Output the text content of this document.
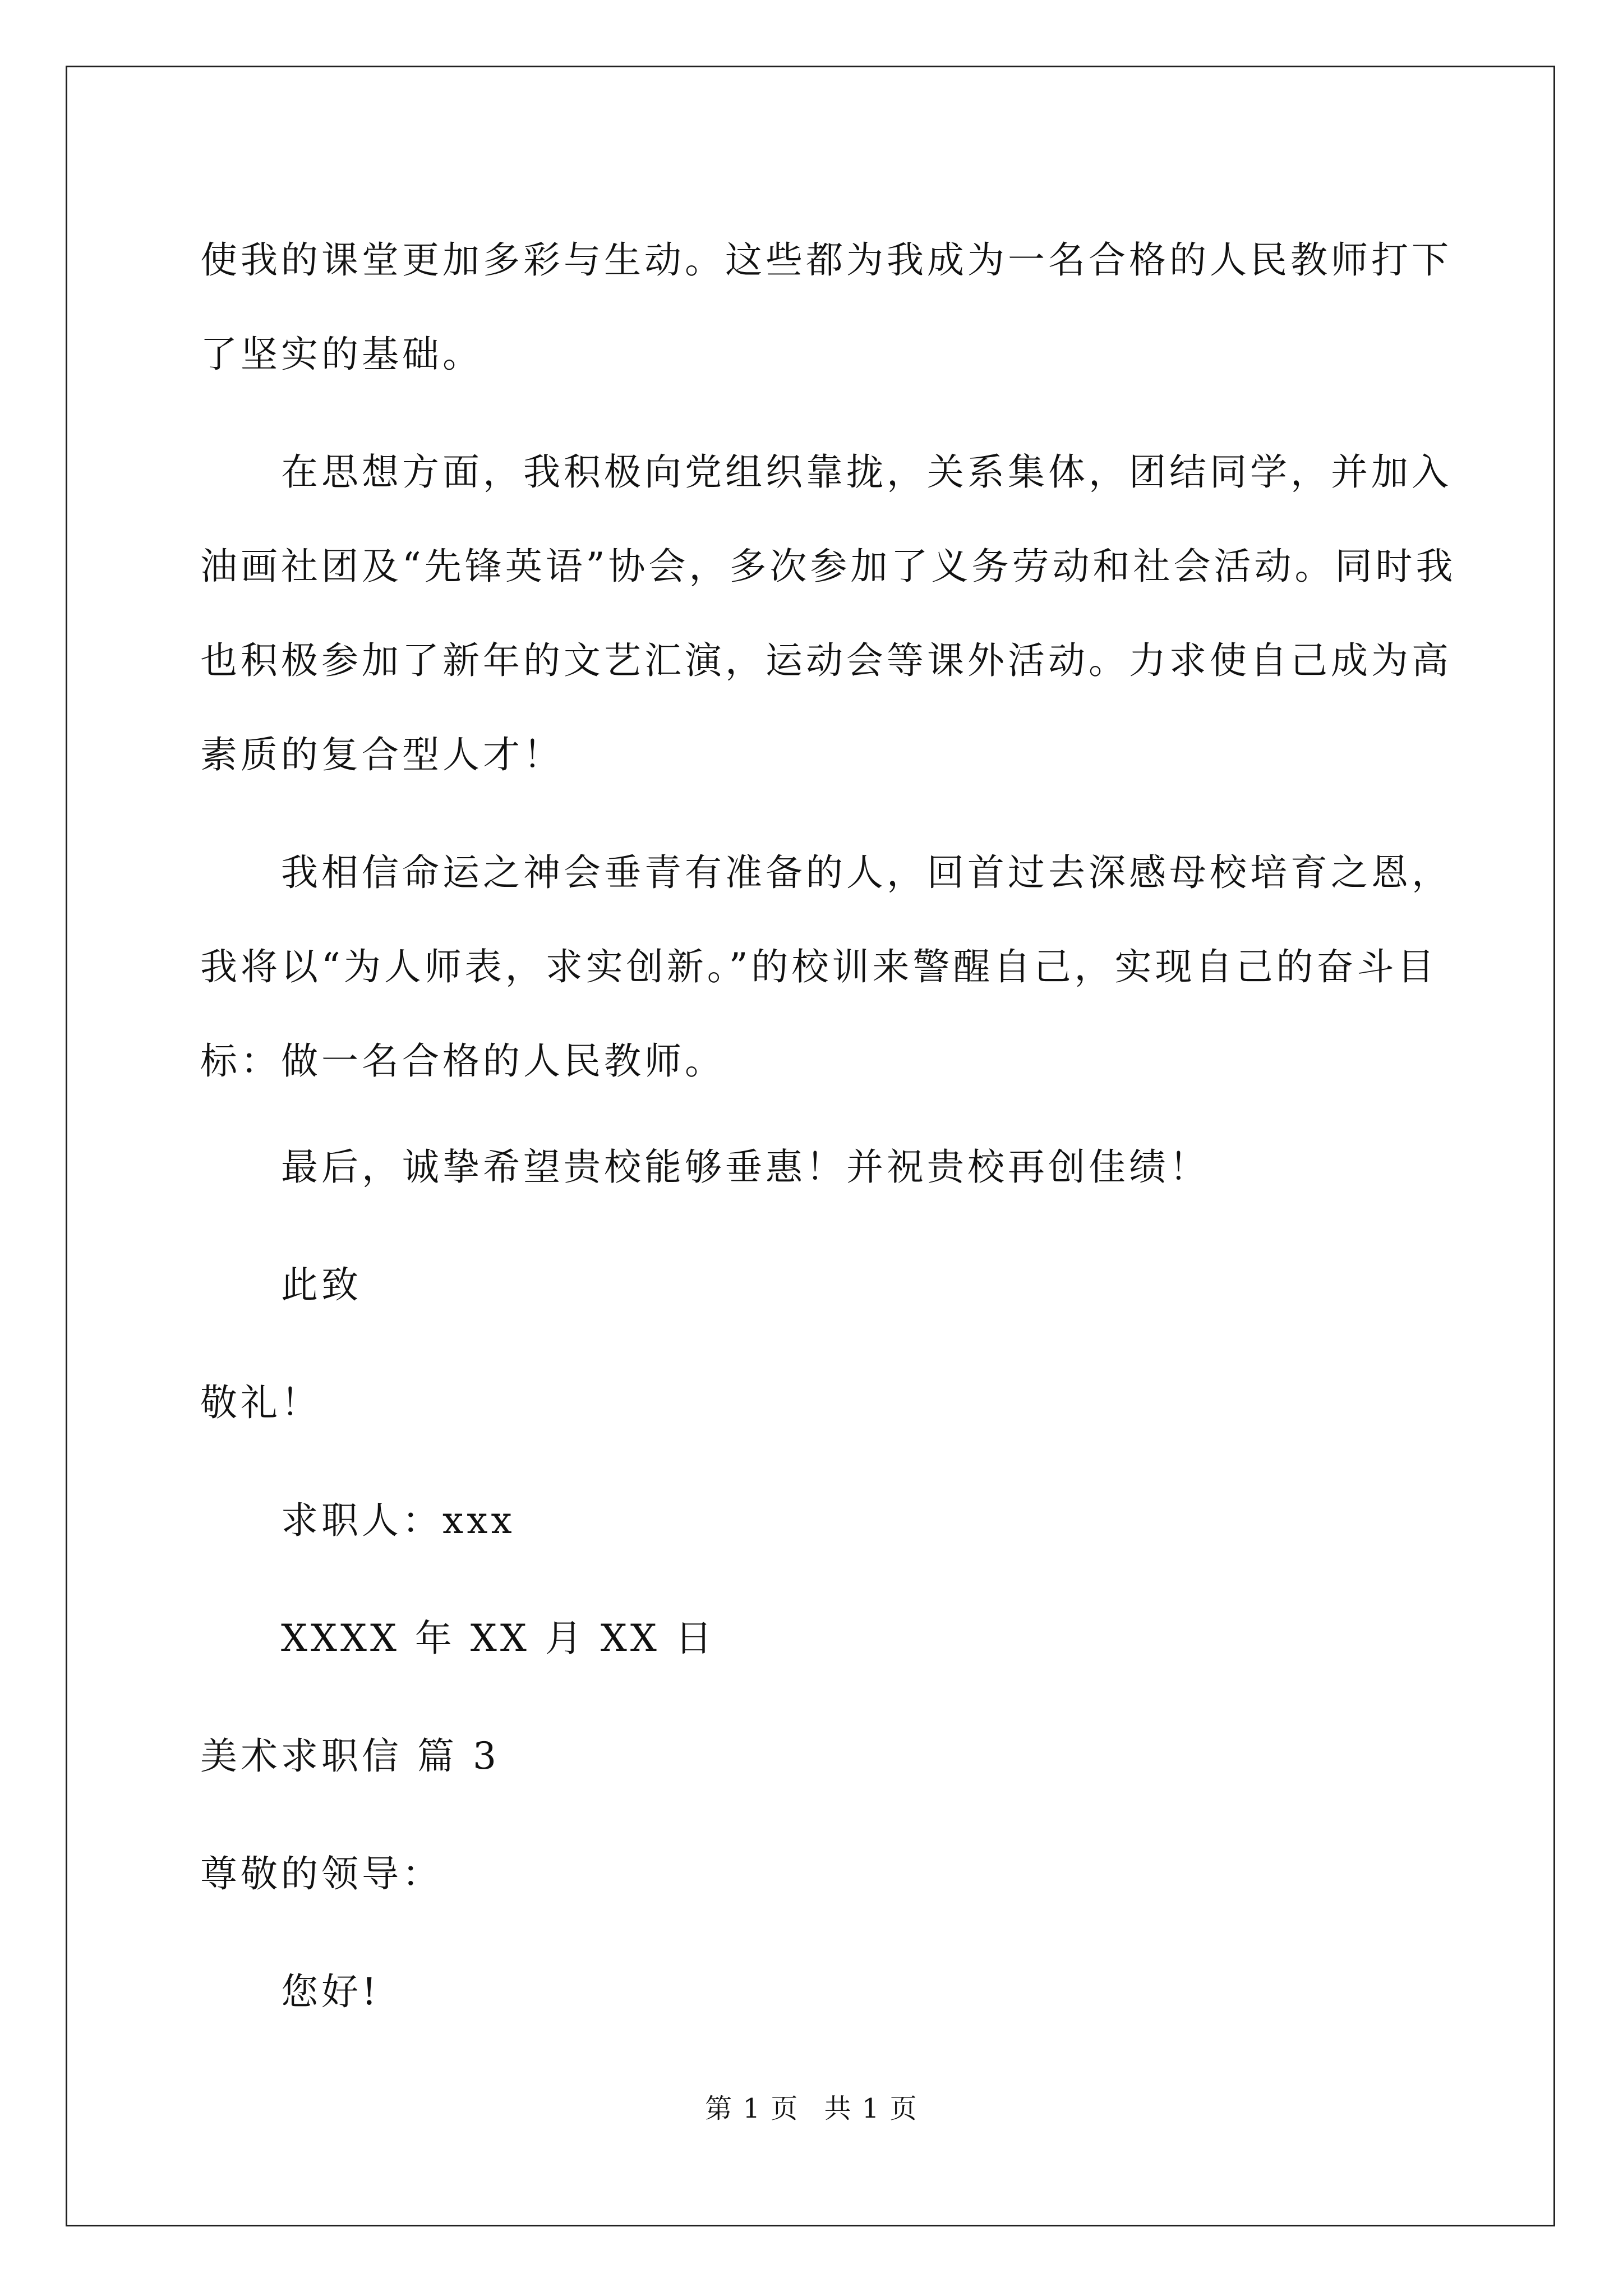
使我的课堂更加多彩与生动。这些都为我成为一名合格的人民教师打下了坚实的基础。

在思想方面，我积极向党组织靠拢，关系集体，团结同学，并加入油画社团及“先锋英语”协会，多次参加了义务劳动和社会活动。同时我也积极参加了新年的文艺汇演，运动会等课外活动。力求使自己成为高素质的复合型人才！

我相信命运之神会垂青有准备的人，回首过去深感母校培育之恩，我将以“为人师表，求实创新。”的校训来警醒自己，实现自己的奋斗目标：做一名合格的人民教师。

最后，诚挚希望贵校能够垂惠！并祝贵校再创佳绩！

此致

敬礼！

求职人：xxx

XXXX 年 XX 月 XX 日

美术求职信 篇 3

尊敬的领导：

您好!

第 1 页 共 1 页
